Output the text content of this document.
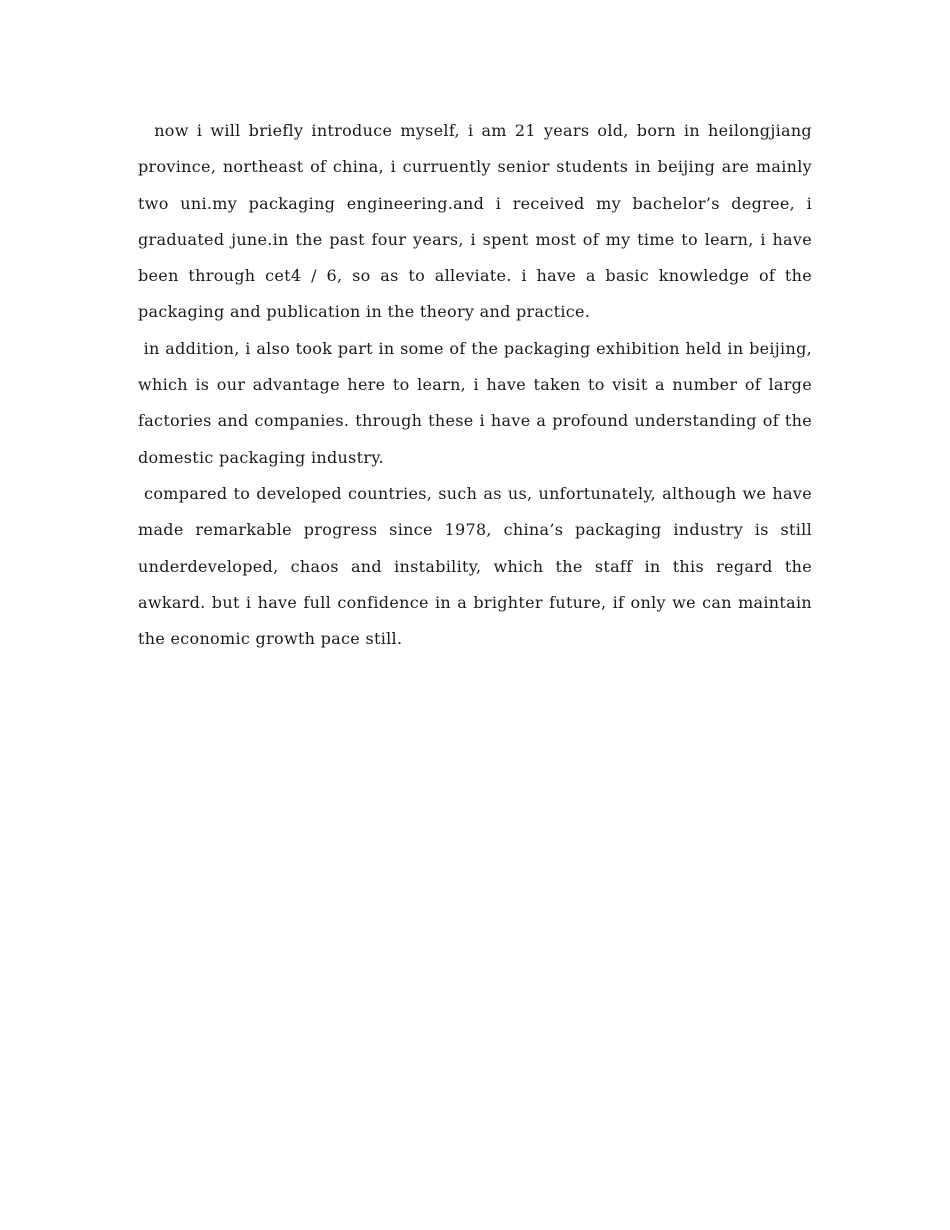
now i will briefly introduce myself, i am 21 years old, born in heilongjiang province, northeast of china, i curruently senior students in beijing are mainly two uni.my packaging engineering.and i received my bachelor’s degree, i graduated june.in the past four years, i spent most of my time to learn, i have been through cet4 / 6, so as to alleviate. i have a basic knowledge of the packaging and publication in the theory and practice.

in addition, i also took part in some of the packaging exhibition held in beijing, which is our advantage here to learn, i have taken to visit a number of large factories and companies. through these i have a profound understanding of the domestic packaging industry.

compared to developed countries, such as us, unfortunately, although we have made remarkable progress since 1978, china’s packaging industry is still underdeveloped, chaos and instability, which the staff in this regard the awkard. but i have full confidence in a brighter future, if only we can maintain the economic growth pace still.
